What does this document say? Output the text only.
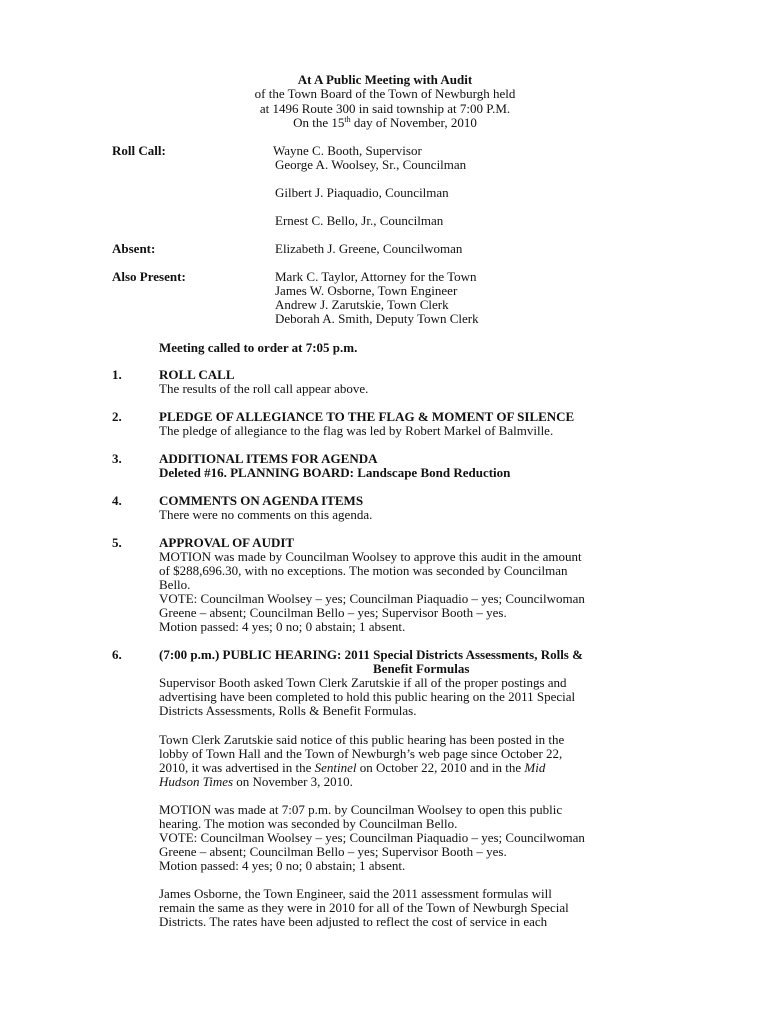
At A Public Meeting with Audit
of the Town Board of the Town of Newburgh held
at 1496 Route 300 in said township at 7:00 P.M.
On the 15th day of November, 2010
Roll Call:	Wayne C. Booth, Supervisor
George A. Woolsey, Sr., Councilman
Gilbert J. Piaquadio, Councilman
Ernest C. Bello, Jr., Councilman
Absent:	Elizabeth J. Greene, Councilwoman
Also Present:	Mark C. Taylor, Attorney for the Town
James W. Osborne, Town Engineer
Andrew J. Zarutskie, Town Clerk
Deborah A. Smith, Deputy Town Clerk
Meeting called to order at 7:05 p.m.
1.	ROLL CALL
The results of the roll call appear above.
2.	PLEDGE OF ALLEGIANCE TO THE FLAG & MOMENT OF SILENCE
The pledge of allegiance to the flag was led by Robert Markel of Balmville.
3.	ADDITIONAL ITEMS FOR AGENDA
Deleted #16. PLANNING BOARD: Landscape Bond Reduction
4.	COMMENTS ON AGENDA ITEMS
There were no comments on this agenda.
5.	APPROVAL OF AUDIT
MOTION was made by Councilman Woolsey to approve this audit in the amount
of $288,696.30, with no exceptions. The motion was seconded by Councilman
Bello.
VOTE: Councilman Woolsey – yes; Councilman Piaquadio – yes; Councilwoman
Greene – absent; Councilman Bello – yes; Supervisor Booth – yes.
Motion passed: 4 yes; 0 no; 0 abstain; 1 absent.
6.	(7:00 p.m.) PUBLIC HEARING: 2011 Special Districts Assessments, Rolls &
Benefit Formulas
Supervisor Booth asked Town Clerk Zarutskie if all of the proper postings and
advertising have been completed to hold this public hearing on the 2011 Special
Districts Assessments, Rolls & Benefit Formulas.
Town Clerk Zarutskie said notice of this public hearing has been posted in the
lobby of Town Hall and the Town of Newburgh’s web page since October 22,
2010, it was advertised in the Sentinel on October 22, 2010 and in the Mid
Hudson Times on November 3, 2010.
MOTION was made at 7:07 p.m. by Councilman Woolsey to open this public
hearing. The motion was seconded by Councilman Bello.
VOTE: Councilman Woolsey – yes; Councilman Piaquadio – yes; Councilwoman
Greene – absent; Councilman Bello – yes; Supervisor Booth – yes.
Motion passed: 4 yes; 0 no; 0 abstain; 1 absent.
James Osborne, the Town Engineer, said the 2011 assessment formulas will
remain the same as they were in 2010 for all of the Town of Newburgh Special
Districts. The rates have been adjusted to reflect the cost of service in each
